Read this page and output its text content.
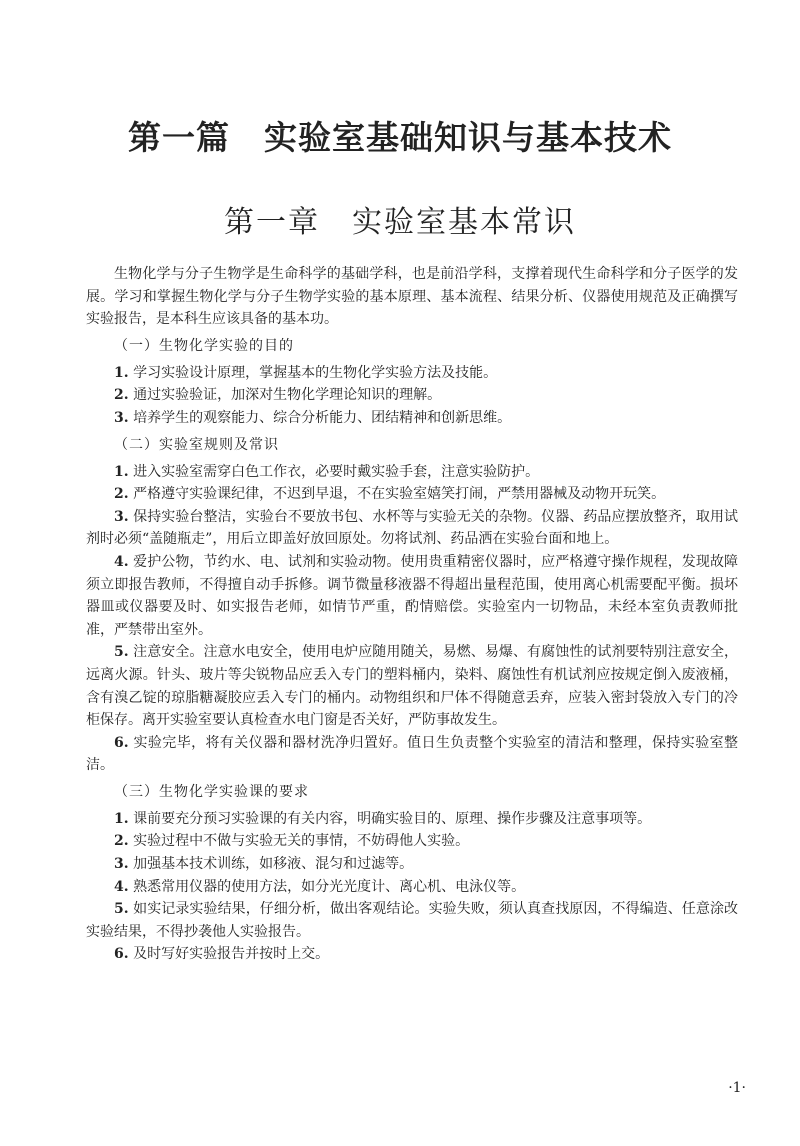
第一篇　实验室基础知识与基本技术
第一章　实验室基本常识

生物化学与分子生物学是生命科学的基础学科，也是前沿学科，支撑着现代生命科学和分子医学的发展。学习和掌握生物化学与分子生物学实验的基本原理、基本流程、结果分析、仪器使用规范及正确撰写实验报告，是本科生应该具备的基本功。

（一）生物化学实验的目的

1. 学习实验设计原理，掌握基本的生物化学实验方法及技能。

2. 通过实验验证，加深对生物化学理论知识的理解。

3. 培养学生的观察能力、综合分析能力、团结精神和创新思维。

（二）实验室规则及常识

1. 进入实验室需穿白色工作衣，必要时戴实验手套，注意实验防护。

2. 严格遵守实验课纪律，不迟到早退，不在实验室嬉笑打闹，严禁用器械及动物开玩笑。

3. 保持实验台整洁，实验台不要放书包、水杯等与实验无关的杂物。仪器、药品应摆放整齐，取用试剂时必须“盖随瓶走”，用后立即盖好放回原处。勿将试剂、药品洒在实验台面和地上。

4. 爱护公物，节约水、电、试剂和实验动物。使用贵重精密仪器时，应严格遵守操作规程，发现故障须立即报告教师，不得擅自动手拆修。调节微量移液器不得超出量程范围，使用离心机需要配平衡。损坏器皿或仪器要及时、如实报告老师，如情节严重，酌情赔偿。实验室内一切物品，未经本室负责教师批准，严禁带出室外。

5. 注意安全。注意水电安全，使用电炉应随用随关，易燃、易爆、有腐蚀性的试剂要特别注意安全，远离火源。针头、玻片等尖锐物品应丢入专门的塑料桶内，染料、腐蚀性有机试剂应按规定倒入废液桶，含有溴乙锭的琼脂糖凝胶应丢入专门的桶内。动物组织和尸体不得随意丢弃，应装入密封袋放入专门的冷柜保存。离开实验室要认真检查水电门窗是否关好，严防事故发生。

6. 实验完毕，将有关仪器和器材洗净归置好。值日生负责整个实验室的清洁和整理，保持实验室整洁。

（三）生物化学实验课的要求

1. 课前要充分预习实验课的有关内容，明确实验目的、原理、操作步骤及注意事项等。

2. 实验过程中不做与实验无关的事情，不妨碍他人实验。

3. 加强基本技术训练，如移液、混匀和过滤等。

4. 熟悉常用仪器的使用方法，如分光光度计、离心机、电泳仪等。

5. 如实记录实验结果，仔细分析，做出客观结论。实验失败，须认真查找原因，不得编造、任意涂改实验结果，不得抄袭他人实验报告。

6. 及时写好实验报告并按时上交。

·1·
